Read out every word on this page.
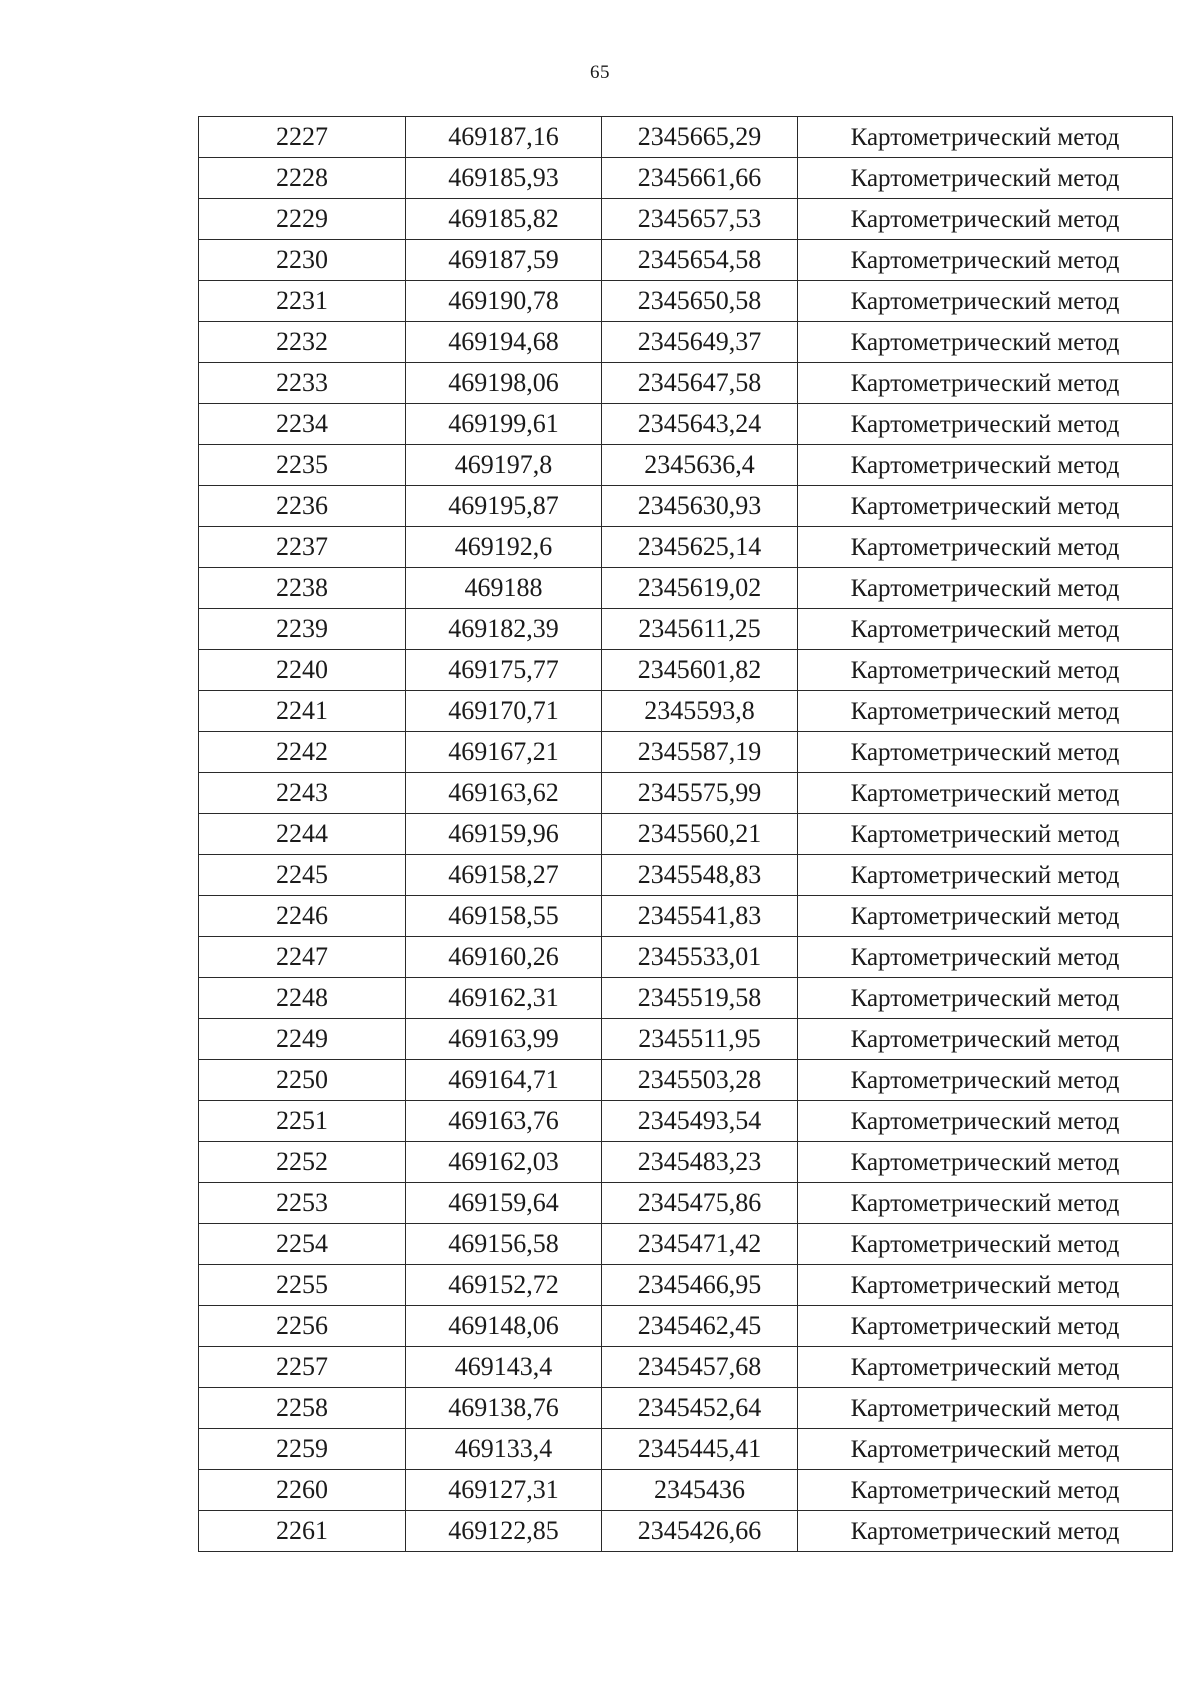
65
2227	469187,16	2345665,29	Картометрический метод
2228	469185,93	2345661,66	Картометрический метод
2229	469185,82	2345657,53	Картометрический метод
2230	469187,59	2345654,58	Картометрический метод
2231	469190,78	2345650,58	Картометрический метод
2232	469194,68	2345649,37	Картометрический метод
2233	469198,06	2345647,58	Картометрический метод
2234	469199,61	2345643,24	Картометрический метод
2235	469197,8	2345636,4	Картометрический метод
2236	469195,87	2345630,93	Картометрический метод
2237	469192,6	2345625,14	Картометрический метод
2238	469188	2345619,02	Картометрический метод
2239	469182,39	2345611,25	Картометрический метод
2240	469175,77	2345601,82	Картометрический метод
2241	469170,71	2345593,8	Картометрический метод
2242	469167,21	2345587,19	Картометрический метод
2243	469163,62	2345575,99	Картометрический метод
2244	469159,96	2345560,21	Картометрический метод
2245	469158,27	2345548,83	Картометрический метод
2246	469158,55	2345541,83	Картометрический метод
2247	469160,26	2345533,01	Картометрический метод
2248	469162,31	2345519,58	Картометрический метод
2249	469163,99	2345511,95	Картометрический метод
2250	469164,71	2345503,28	Картометрический метод
2251	469163,76	2345493,54	Картометрический метод
2252	469162,03	2345483,23	Картометрический метод
2253	469159,64	2345475,86	Картометрический метод
2254	469156,58	2345471,42	Картометрический метод
2255	469152,72	2345466,95	Картометрический метод
2256	469148,06	2345462,45	Картометрический метод
2257	469143,4	2345457,68	Картометрический метод
2258	469138,76	2345452,64	Картометрический метод
2259	469133,4	2345445,41	Картометрический метод
2260	469127,31	2345436	Картометрический метод
2261	469122,85	2345426,66	Картометрический метод
